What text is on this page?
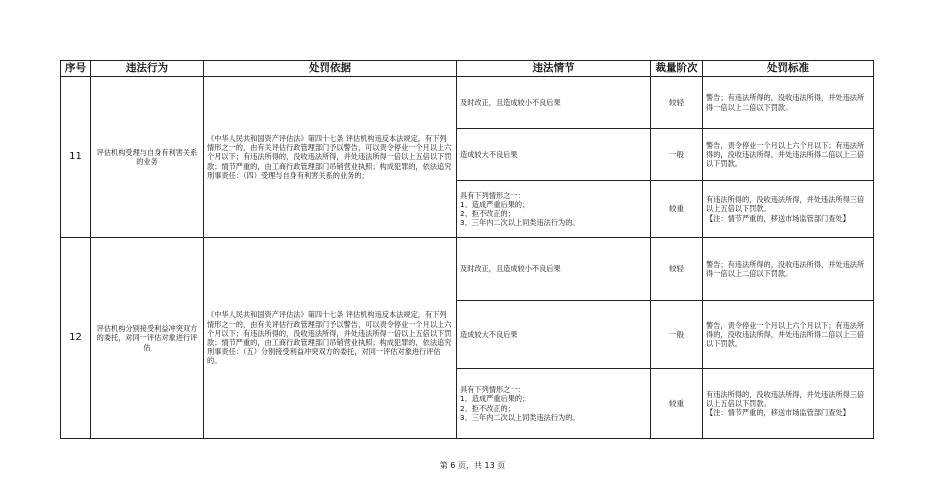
序号	违法行为	处罚依据	违法情节	裁量阶次	处罚标准
11	评估机构受理与自身有利害关系的业务	《中华人民共和国资产评估法》第四十七条 评估机构违反本法规定，有下列情形之一的，由有关评估行政管理部门予以警告，可以责令停业一个月以上六个月以下；有违法所得的，没收违法所得，并处违法所得一倍以上五倍以下罚款；情节严重的，由工商行政管理部门吊销营业执照；构成犯罪的，依法追究刑事责任：（四）受理与自身有利害关系的业务的；	及时改正，且造成较小不良后果	较轻	警告；有违法所得的，没收违法所得，并处违法所得一倍以上二倍以下罚款。
			造成较大不良后果	一般	警告，责令停业一个月以上六个月以下；有违法所得的，没收违法所得，并处违法所得二倍以上三倍以下罚款。
			具有下列情形之一：
1、造成严重后果的；
2、拒不改正的；
3、三年内二次以上同类违法行为的。	较重	有违法所得的，没收违法所得，并处违法所得三倍以上五倍以下罚款。
【注：情节严重的，移送市场监管部门查处】
12	评估机构分别接受利益冲突双方的委托，对同一评估对象进行评估	《中华人民共和国资产评估法》第四十七条 评估机构违反本法规定，有下列情形之一的，由有关评估行政管理部门予以警告，可以责令停业一个月以上六个月以下；有违法所得的，没收违法所得，并处违法所得一倍以上五倍以下罚款；情节严重的，由工商行政管理部门吊销营业执照；构成犯罪的，依法追究刑事责任：（五）分别接受利益冲突双方的委托，对同一评估对象进行评估的。	及时改正，且造成较小不良后果	较轻	警告；有违法所得的，没收违法所得，并处违法所得一倍以上二倍以下罚款。
			造成较大不良后果	一般	警告，责令停业一个月以上六个月以下；有违法所得的，没收违法所得，并处违法所得二倍以上三倍以下罚款。
			具有下列情形之一：
1、造成严重后果的；
2、拒不改正的；
3、三年内二次以上同类违法行为的。	较重	有违法所得的，没收违法所得，并处违法所得三倍以上五倍以下罚款。
【注：情节严重的，移送市场监管部门查处】
第 6 页，共 13 页
